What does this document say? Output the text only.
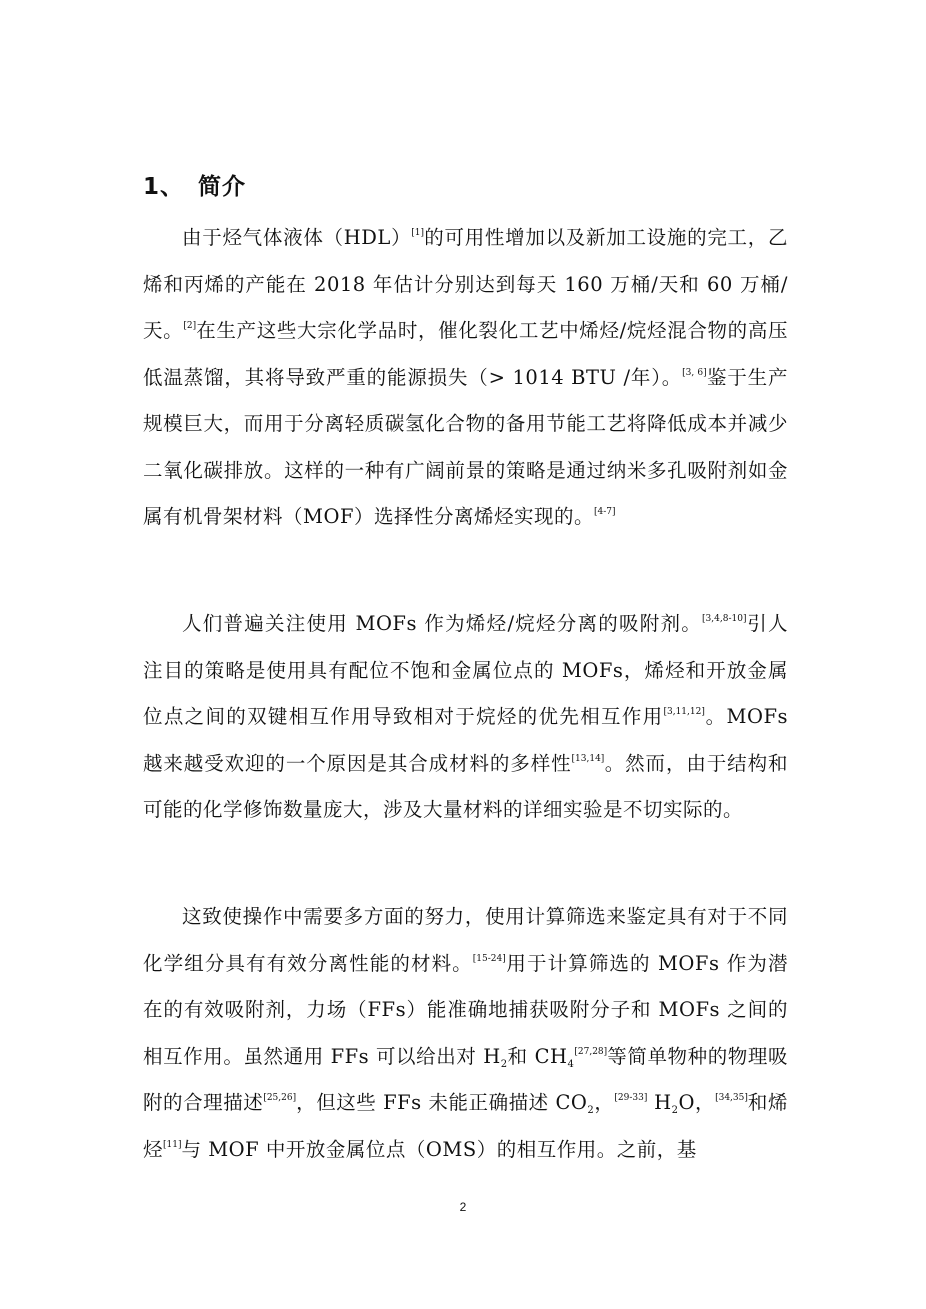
1、 简介
由于烃气体液体（HDL）[1]的可用性增加以及新加工设施的完工，乙烯和丙烯的产能在 2018 年估计分别达到每天 160 万桶/天和 60 万桶/天。[2]在生产这些大宗化学品时，催化裂化工艺中烯烃/烷烃混合物的高压低温蒸馏，其将导致严重的能源损失（> 1014 BTU /年）。[3, 6]鉴于生产规模巨大，而用于分离轻质碳氢化合物的备用节能工艺将降低成本并减少二氧化碳排放。这样的一种有广阔前景的策略是通过纳米多孔吸附剂如金属有机骨架材料（MOF）选择性分离烯烃实现的。[4-7]
人们普遍关注使用 MOFs 作为烯烃/烷烃分离的吸附剂。[3,4,8-10]引人注目的策略是使用具有配位不饱和金属位点的 MOFs，烯烃和开放金属位点之间的双键相互作用导致相对于烷烃的优先相互作用[3,11,12]。MOFs 越来越受欢迎的一个原因是其合成材料的多样性[13,14]。然而，由于结构和可能的化学修饰数量庞大，涉及大量材料的详细实验是不切实际的。
这致使操作中需要多方面的努力，使用计算筛选来鉴定具有对于不同化学组分具有有效分离性能的材料。[15-24]用于计算筛选的 MOFs 作为潜在的有效吸附剂，力场（FFs）能准确地捕获吸附分子和 MOFs 之间的相互作用。虽然通用 FFs 可以给出对 $H_2$和 $CH_4[27,28]$等简单物种的物理吸附的合理描述[25,26]，但这些 FFs 未能正确描述 $CO_2$，[29-33] $H_2O$，[34,35]和烯烃[11]与 MOF 中开放金属位点（OMS）的相互作用。之前，基
2
